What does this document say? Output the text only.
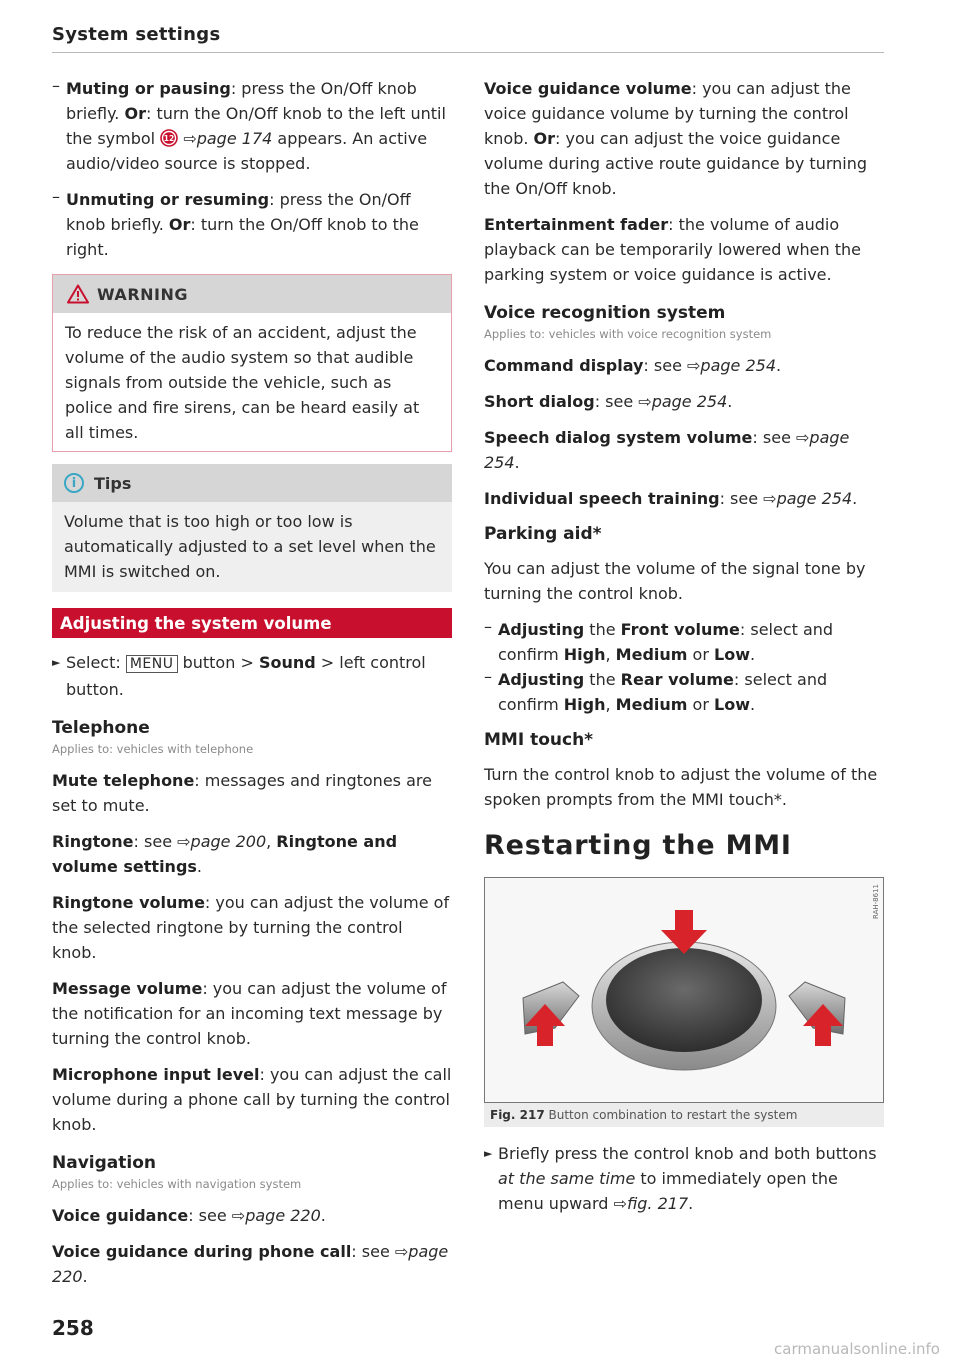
System settings
– Muting or pausing: press the On/Off knob briefly. Or: turn the On/Off knob to the left until the symbol 12 ⇨page 174 appears. An active audio/video source is stopped.

– Unmuting or resuming: press the On/Off knob briefly. Or: turn the On/Off knob to the right.

WARNING
To reduce the risk of an accident, adjust the volume of the audio system so that audible signals from outside the vehicle, such as police and fire sirens, can be heard easily at all times.
i	Tips
Volume that is too high or too low is automatically adjusted to a set level when the MMI is switched on.
Adjusting the system volume
► Select: MENU button > Sound > left control button.

Telephone
Applies to: vehicles with telephone

Mute telephone: messages and ringtones are set to mute.

Ringtone: see ⇨page 200, Ringtone and volume settings.

Ringtone volume: you can adjust the volume of the selected ringtone by turning the control knob.

Message volume: you can adjust the volume of the notification for an incoming text message by turning the control knob.

Microphone input level: you can adjust the call volume during a phone call by turning the control knob.

Navigation
Applies to: vehicles with navigation system

Voice guidance: see ⇨page 220.

Voice guidance during phone call: see ⇨page 220.

Voice guidance volume: you can adjust the voice guidance volume by turning the control knob. Or: you can adjust the voice guidance volume during active route guidance by turning the On/Off knob.

Entertainment fader: the volume of audio playback can be temporarily lowered when the parking system or voice guidance is active.

Voice recognition system
Applies to: vehicles with voice recognition system

Command display: see ⇨page 254.

Short dialog: see ⇨page 254.

Speech dialog system volume: see ⇨page 254.

Individual speech training: see ⇨page 254.

Parking aid*

You can adjust the volume of the signal tone by turning the control knob.

– Adjusting the Front volume: select and confirm High, Medium or Low.

– Adjusting the Rear volume: select and confirm High, Medium or Low.

MMI touch*

Turn the control knob to adjust the volume of the spoken prompts from the MMI touch*.

Restarting the MMI
RAH-8611
Fig. 217 Button combination to restart the system
► Briefly press the control knob and both buttons at the same time to immediately open the menu upward ⇨fig. 217.

258
carmanualsonline.info
